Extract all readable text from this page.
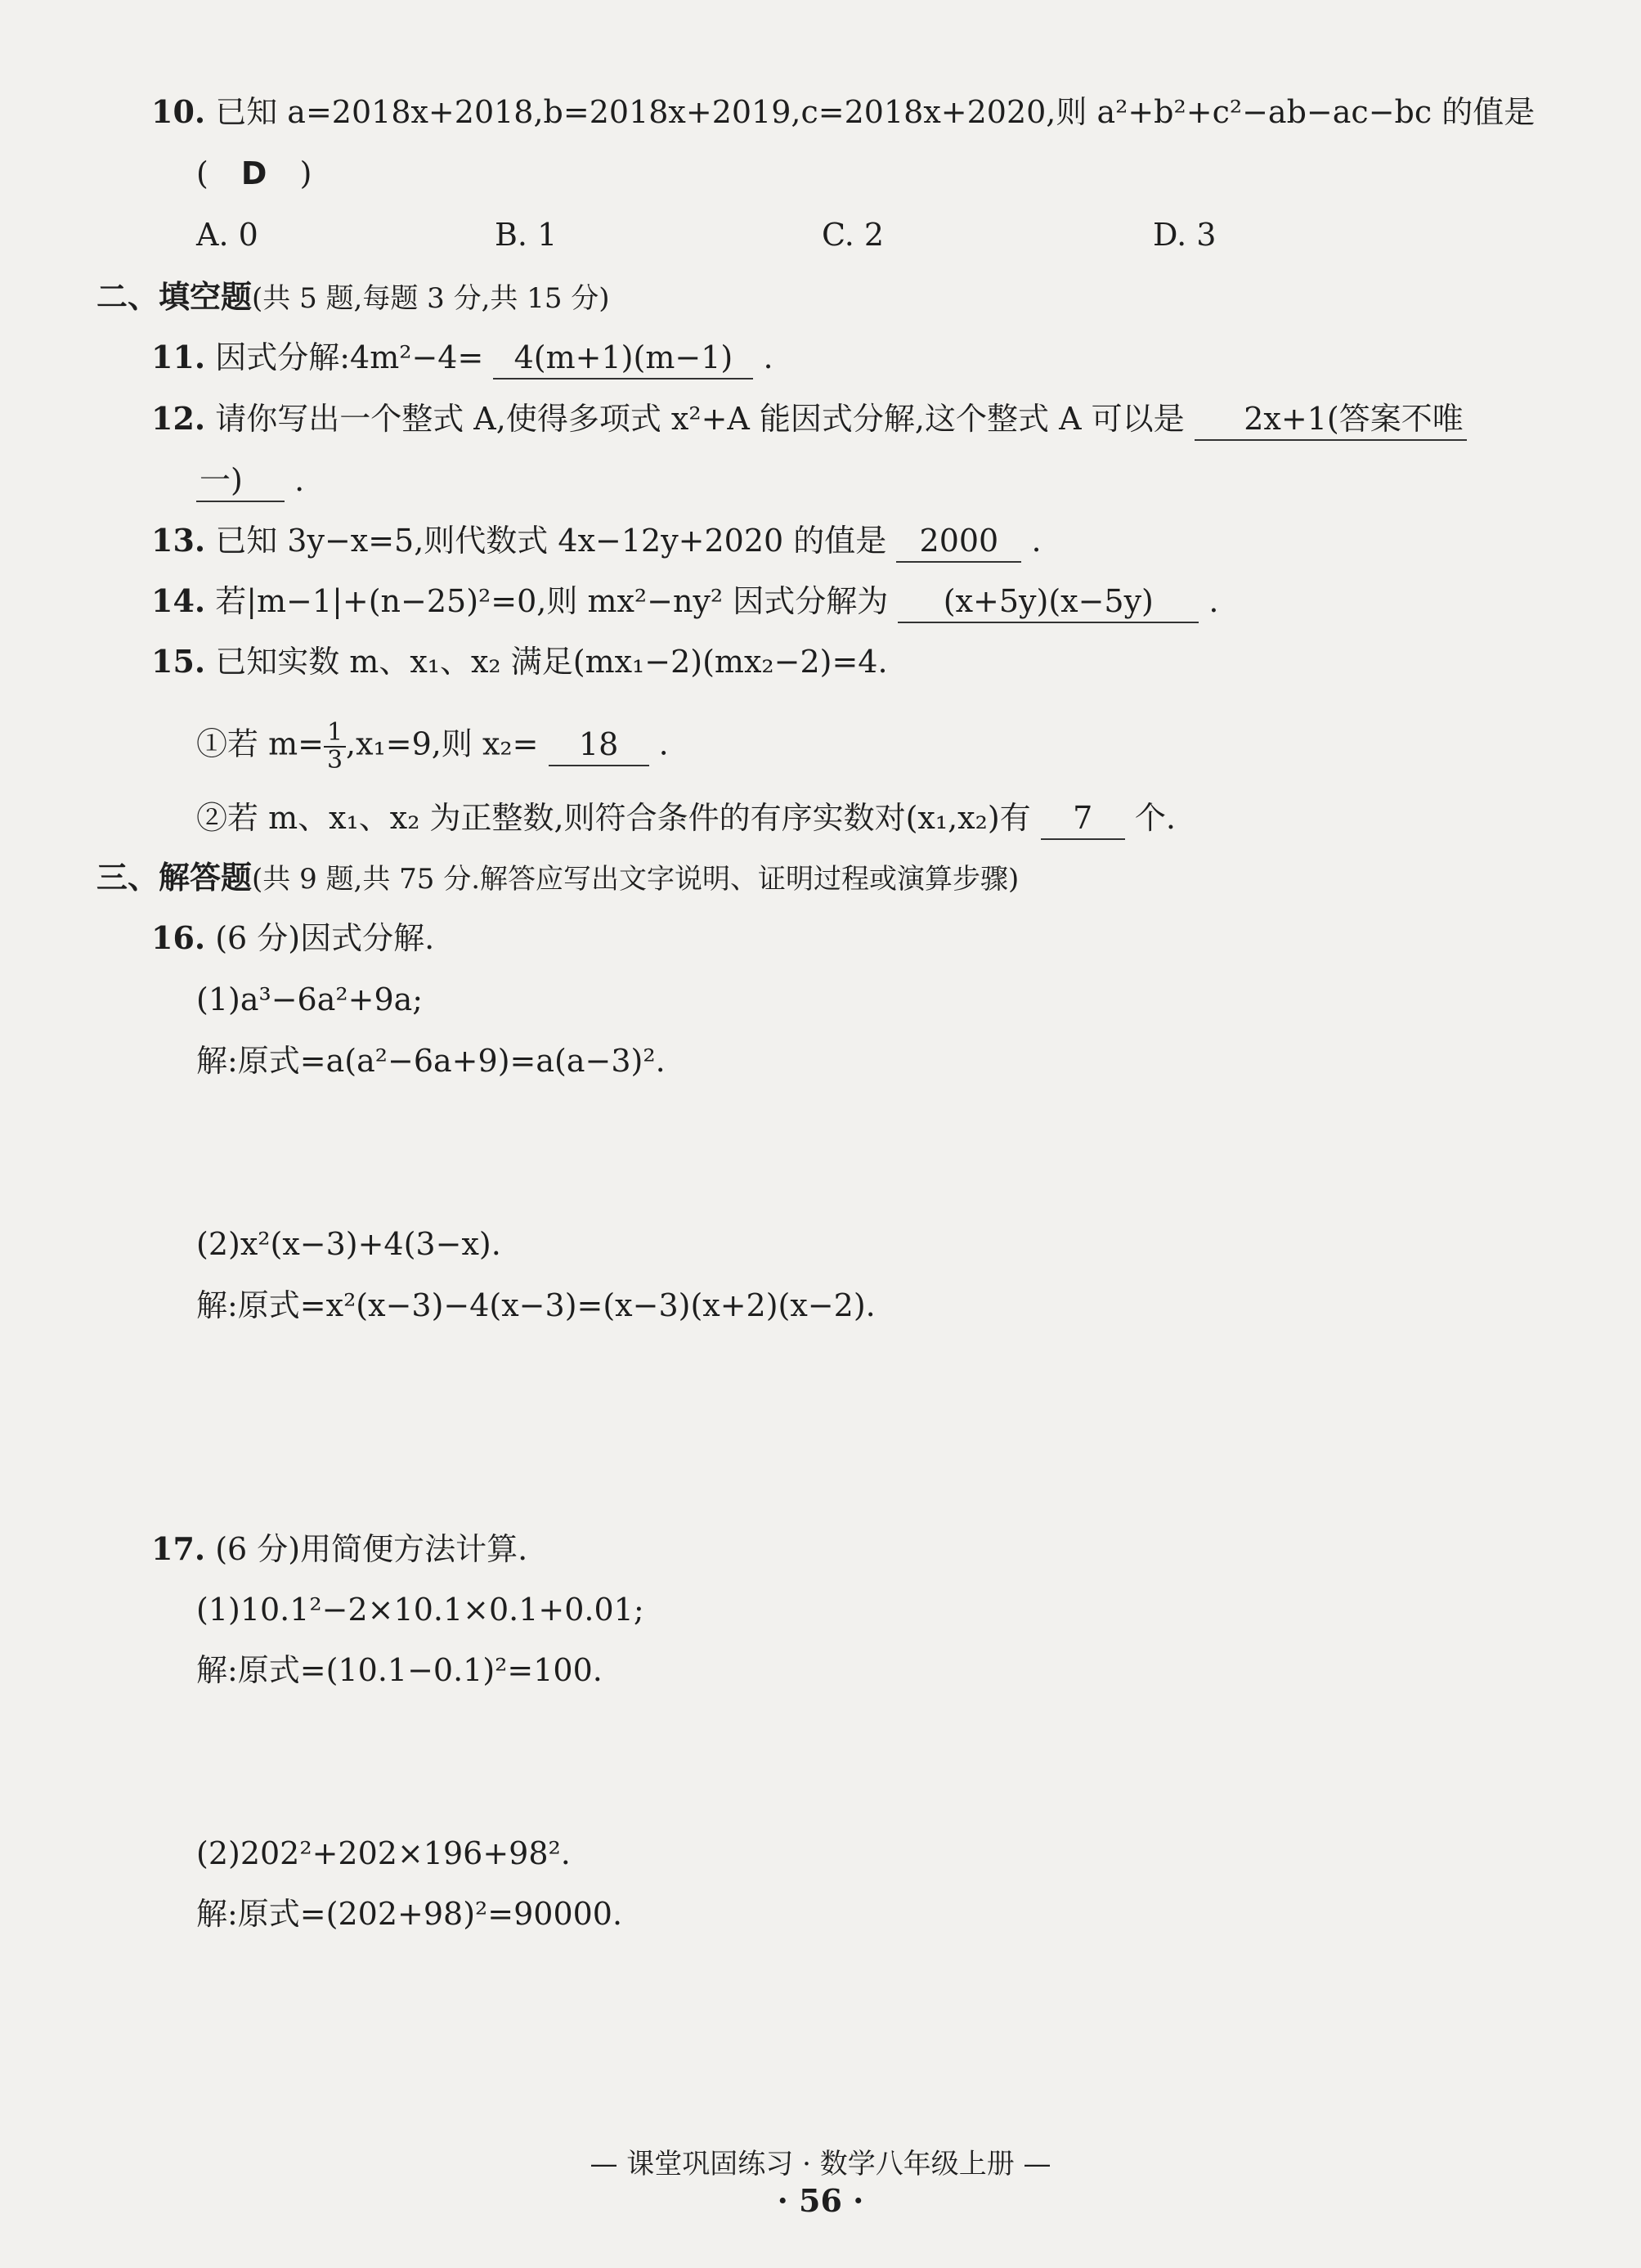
10. 已知 a=2018x+2018,b=2018x+2019,c=2018x+2020,则 a²+b²+c²−ab−ac−bc 的值是
( D )
A. 0	B. 1	C. 2	D. 3
二、填空题(共 5 题,每题 3 分,共 15 分)
11. 因式分解:4m²−4= 4(m+1)(m−1) .
12. 请你写出一个整式 A,使得多项式 x²+A 能因式分解,这个整式 A 可以是 2x+1(答案不唯
一) .
13. 已知 3y−x=5,则代数式 4x−12y+2020 的值是 2000 .
14. 若|m−1|+(n−25)²=0,则 mx²−ny² 因式分解为 (x+5y)(x−5y) .
15. 已知实数 m、x₁、x₂ 满足(mx₁−2)(mx₂−2)=4.
①若 $m= \frac{1}{3} ,x_1=9$,则 x₂= 18 .
②若 m、x₁、x₂ 为正整数,则符合条件的有序实数对(x₁,x₂)有 7 个.
三、解答题(共 9 题,共 75 分.解答应写出文字说明、证明过程或演算步骤)
16. (6 分)因式分解.
(1)a³−6a²+9a;
解:原式=a(a²−6a+9)=a(a−3)².
(2)x²(x−3)+4(3−x).
解:原式=x²(x−3)−4(x−3)=(x−3)(x+2)(x−2).
17. (6 分)用简便方法计算.
(1)10.1²−2×10.1×0.1+0.01;
解:原式=(10.1−0.1)²=100.
(2)202²+202×196+98².
解:原式=(202+98)²=90000.
— 课堂巩固练习 · 数学八年级上册 —
· 56 ·
